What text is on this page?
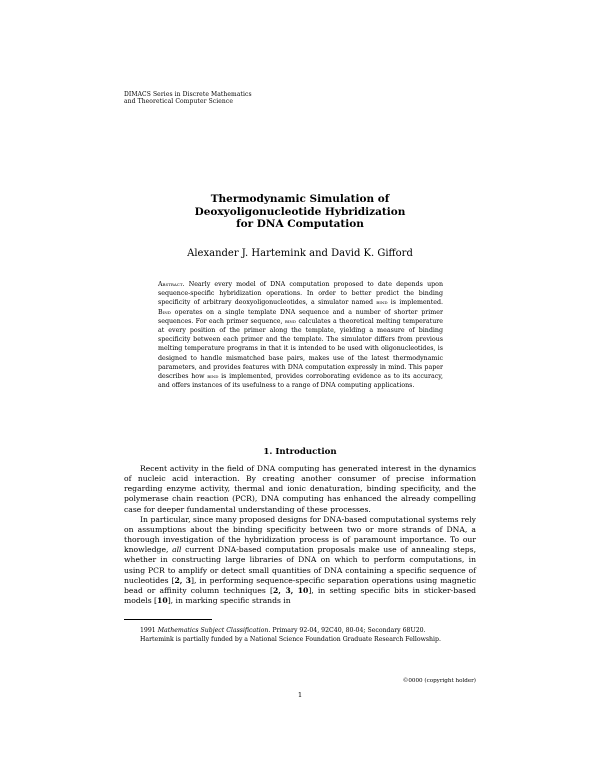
DIMACS Series in Discrete Mathematics
and Theoretical Computer Science
Thermodynamic Simulation of
Deoxyoligonucleotide Hybridization
for DNA Computation
Alexander J. Hartemink and David K. Gifford
Abstract. Nearly every model of DNA computation proposed to date depends upon sequence-specific hybridization operations. In order to better predict the binding specificity of arbitrary deoxyoligonucleotides, a simulator named bind is implemented. Bind operates on a single template DNA sequence and a number of shorter primer sequences. For each primer sequence, bind calculates a theoretical melting temperature at every position of the primer along the template, yielding a measure of binding specificity between each primer and the template. The simulator differs from previous melting temperature programs in that it is intended to be used with oligonucleotides, is designed to handle mismatched base pairs, makes use of the latest thermodynamic parameters, and provides features with DNA computation expressly in mind. This paper describes how bind is implemented, provides corroborating evidence as to its accuracy, and offers instances of its usefulness to a range of DNA computing applications.
1. Introduction

Recent activity in the field of DNA computing has generated interest in the dynamics of nucleic acid interaction. By creating another consumer of precise information regarding enzyme activity, thermal and ionic denaturation, binding specificity, and the polymerase chain reaction (PCR), DNA computing has enhanced the already compelling case for deeper fundamental understanding of these processes.

In particular, since many proposed designs for DNA-based computational systems rely on assumptions about the binding specificity between two or more strands of DNA, a thorough investigation of the hybridization process is of paramount importance. To our knowledge, all current DNA-based computation proposals make use of annealing steps, whether in constructing large libraries of DNA on which to perform computations, in using PCR to amplify or detect small quantities of DNA containing a specific sequence of nucleotides [2, 3], in performing sequence-specific separation operations using magnetic bead or affinity column techniques [2, 3, 10], in setting specific bits in sticker-based models [10], in marking specific strands in

1991 Mathematics Subject Classification. Primary 92-04, 92C40, 80-04; Secondary 68U20.

Hartemink is partially funded by a National Science Foundation Graduate Research Fellowship.

©0000 (copyright holder)
1
